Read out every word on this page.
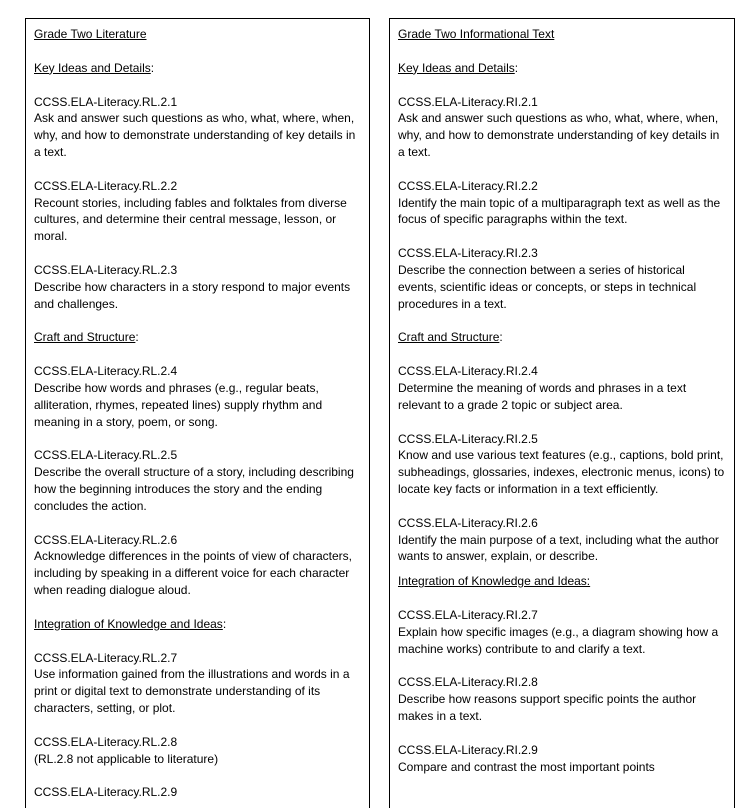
Grade Two Literature
Key Ideas and Details:
CCSS.ELA-Literacy.RL.2.1
Ask and answer such questions as who, what, where, when, why, and how to demonstrate understanding of key details in a text.
CCSS.ELA-Literacy.RL.2.2
Recount stories, including fables and folktales from diverse cultures, and determine their central message, lesson, or moral.
CCSS.ELA-Literacy.RL.2.3
Describe how characters in a story respond to major events and challenges.
Craft and Structure:
CCSS.ELA-Literacy.RL.2.4
Describe how words and phrases (e.g., regular beats, alliteration, rhymes, repeated lines) supply rhythm and meaning in a story, poem, or song.
CCSS.ELA-Literacy.RL.2.5
Describe the overall structure of a story, including describing how the beginning introduces the story and the ending concludes the action.
CCSS.ELA-Literacy.RL.2.6
Acknowledge differences in the points of view of characters, including by speaking in a different voice for each character when reading dialogue aloud.
Integration of Knowledge and Ideas:
CCSS.ELA-Literacy.RL.2.7
Use information gained from the illustrations and words in a print or digital text to demonstrate understanding of its characters, setting, or plot.
CCSS.ELA-Literacy.RL.2.8
(RL.2.8 not applicable to literature)
CCSS.ELA-Literacy.RL.2.9
Grade Two Informational Text
Key Ideas and Details:
CCSS.ELA-Literacy.RI.2.1
Ask and answer such questions as who, what, where, when, why, and how to demonstrate understanding of key details in a text.
CCSS.ELA-Literacy.RI.2.2
Identify the main topic of a multiparagraph text as well as the focus of specific paragraphs within the text.
CCSS.ELA-Literacy.RI.2.3
Describe the connection between a series of historical events, scientific ideas or concepts, or steps in technical procedures in a text.
Craft and Structure:
CCSS.ELA-Literacy.RI.2.4
Determine the meaning of words and phrases in a text relevant to a grade 2 topic or subject area.
CCSS.ELA-Literacy.RI.2.5
Know and use various text features (e.g., captions, bold print, subheadings, glossaries, indexes, electronic menus, icons) to locate key facts or information in a text efficiently.
CCSS.ELA-Literacy.RI.2.6
Identify the main purpose of a text, including what the author wants to answer, explain, or describe.
Integration of Knowledge and Ideas:
CCSS.ELA-Literacy.RI.2.7
Explain how specific images (e.g., a diagram showing how a machine works) contribute to and clarify a text.
CCSS.ELA-Literacy.RI.2.8
Describe how reasons support specific points the author makes in a text.
CCSS.ELA-Literacy.RI.2.9
Compare and contrast the most important points
